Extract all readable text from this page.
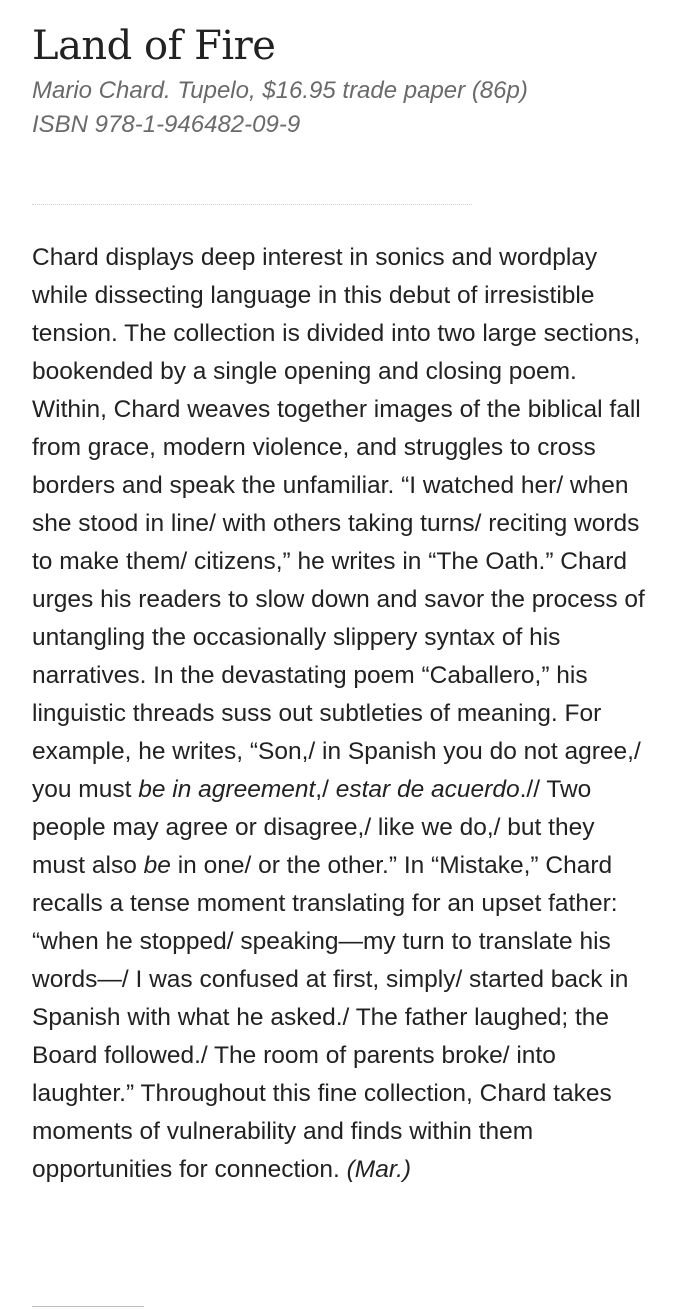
Land of Fire
Mario Chard. Tupelo, $16.95 trade paper (86p)
ISBN 978-1-946482-09-9

Chard displays deep interest in sonics and wordplay while dissecting language in this debut of irresistible tension. The collection is divided into two large sections, bookended by a single opening and closing poem. Within, Chard weaves together images of the biblical fall from grace, modern violence, and struggles to cross borders and speak the unfamiliar. “I watched her/ when she stood in line/ with others taking turns/ reciting words to make them/ citizens,” he writes in “The Oath.” Chard urges his readers to slow down and savor the process of untangling the occasionally slippery syntax of his narratives. In the devastating poem “Caballero,” his linguistic threads suss out subtleties of meaning. For example, he writes, “Son,/ in Spanish you do not agree,/ you must be in agreement,/ estar de acuerdo.// Two people may agree or disagree,/ like we do,/ but they must also be in one/ or the other.” In “Mistake,” Chard recalls a tense moment translating for an upset father: “when he stopped/ speaking—my turn to translate his words—/ I was confused at first, simply/ started back in Spanish with what he asked./ The father laughed; the Board followed./ The room of parents broke/ into laughter.” Throughout this fine collection, Chard takes moments of vulnerability and finds within them opportunities for connection. (Mar.)
